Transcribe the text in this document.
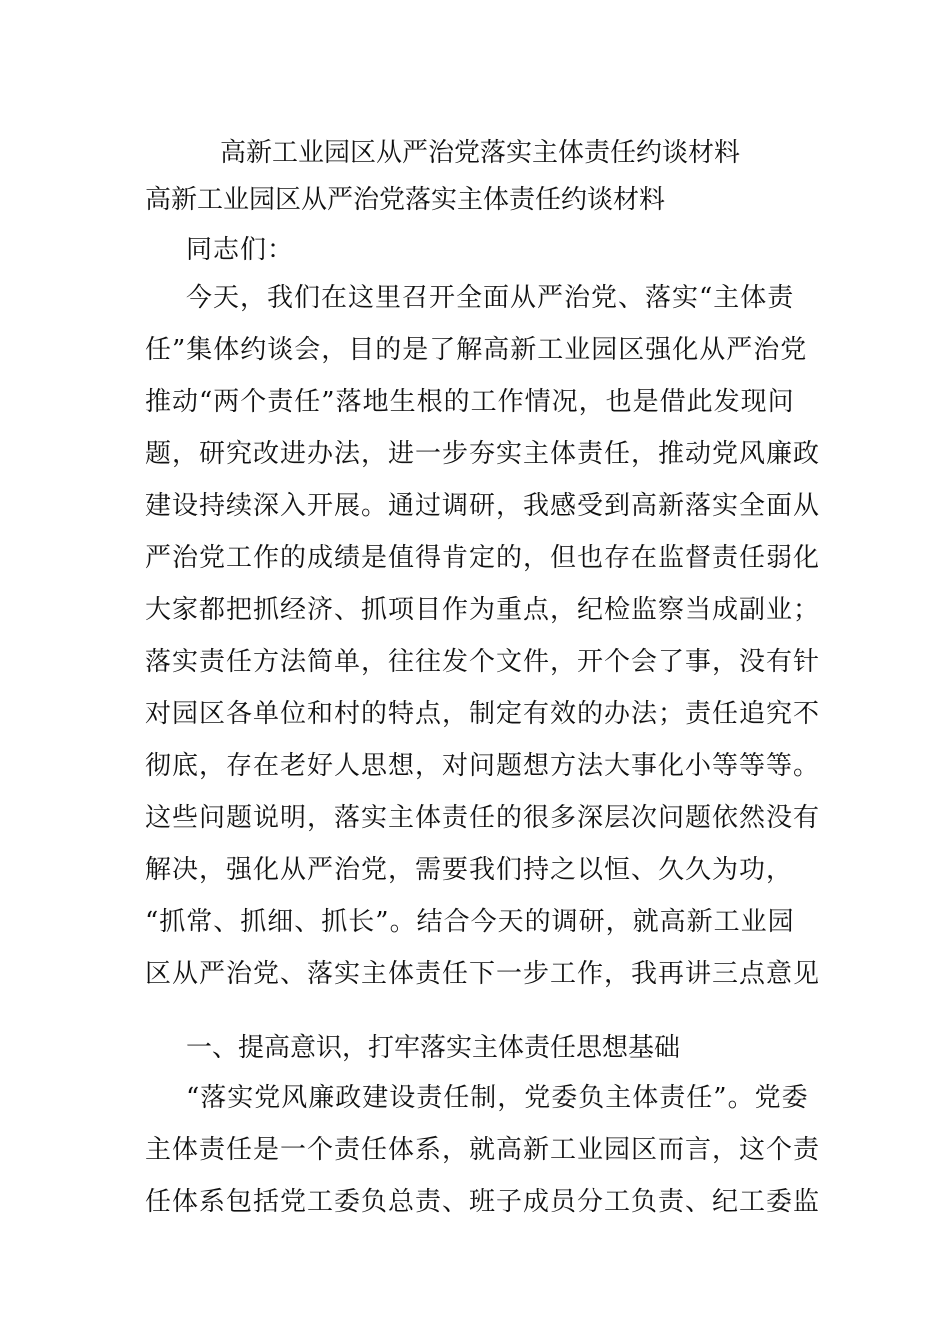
高新工业园区从严治党落实主体责任约谈材料
高新工业园区从严治党落实主体责任约谈材料
同志们：
今天，我们在这里召开全面从严治党、落实“主体责
任”集体约谈会，目的是了解高新工业园区强化从严治党
推动“两个责任”落地生根的工作情况，也是借此发现问
题，研究改进办法，进一步夯实主体责任，推动党风廉政
建设持续深入开展。通过调研，我感受到高新落实全面从
严治党工作的成绩是值得肯定的，但也存在监督责任弱化
大家都把抓经济、抓项目作为重点，纪检监察当成副业；
落实责任方法简单，往往发个文件，开个会了事，没有针
对园区各单位和村的特点，制定有效的办法；责任追究不
彻底，存在老好人思想，对问题想方法大事化小等等等。
这些问题说明，落实主体责任的很多深层次问题依然没有
解决，强化从严治党，需要我们持之以恒、久久为功，
“抓常、抓细、抓长”。结合今天的调研，就高新工业园
区从严治党、落实主体责任下一步工作，我再讲三点意见
一、提高意识，打牢落实主体责任思想基础
“落实党风廉政建设责任制，党委负主体责任”。党委
主体责任是一个责任体系，就高新工业园区而言，这个责
任体系包括党工委负总责、班子成员分工负责、纪工委监
